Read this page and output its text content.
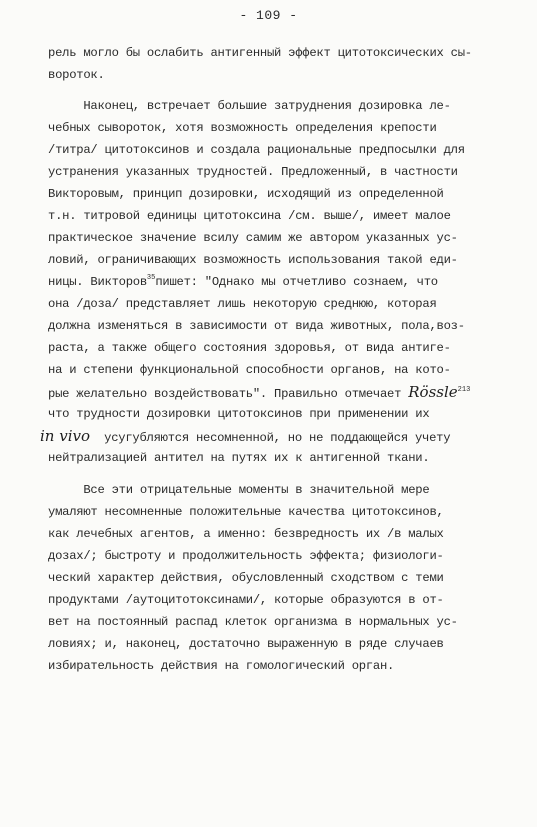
- 109 -
рель могло бы ослабить антигенный эффект цитотоксических сы-
вороток.
Наконец, встречает большие затруднения дозировка ле-
чебных сывороток, хотя возможность определения крепости
/титра/ цитотоксинов и создала рациональные предпосылки для
устранения указанных трудностей. Предложенный, в частности
Викторовым, принцип дозировки, исходящий из определенной
т.н. титровой единицы цитотоксина /см. выше/, имеет малое
практическое значение всилу самим же автором указанных ус-
ловий, ограничивающих возможность использования такой еди-
ницы. Викторов$^{35}$пишет: "Однако мы отчетливо сознаем, что
она /доза/ представляет лишь некоторую среднюю, которая
должна изменяться в зависимости от вида животных, пола,воз-
раста, а также общего состояния здоровья, от вида антиге-
на и степени функциональной способности органов, на кото-
рые желательно воздействовать". Правильно отмечает Rössle$^{213}$
что трудности дозировки цитотоксинов при применении их
in vivo усугубляются несомненной, но не поддающейся учету
нейтрализацией антител на путях их к антигенной ткани.
Все эти отрицательные моменты в значительной мере
умаляют несомненные положительные качества цитотоксинов,
как лечебных агентов, а именно: безвредность их /в малых
дозах/; быстроту и продолжительность эффекта; физиологи-
ческий характер действия, обусловленный сходством с теми
продуктами /аутоцитотоксинами/, которые образуются в от-
вет на постоянный распад клеток организма в нормальных ус-
ловиях; и, наконец, достаточно выраженную в ряде случаев
избирательность действия на гомологический орган.
